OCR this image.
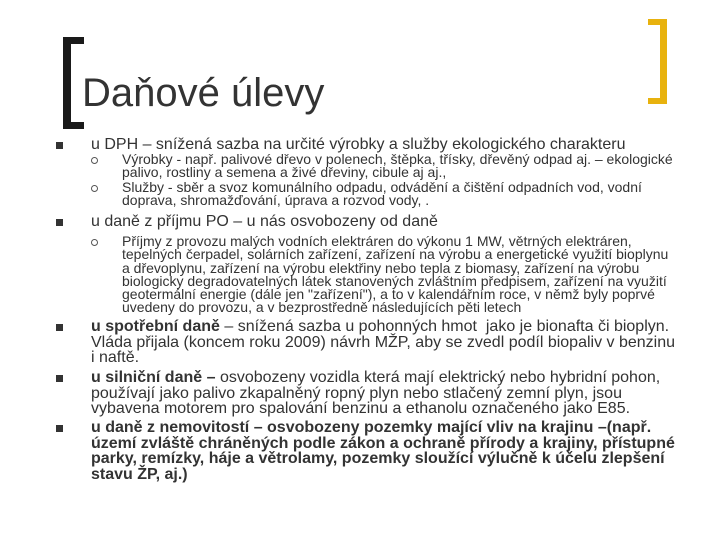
Daňové úlevy
u DPH – snížená sazba na určité výrobky a služby ekologického charakteru
Výrobky - např. palivové dřevo v polenech, štěpka, třísky, dřevěný odpad aj. – ekologické
palivo, rostliny a semena a živé dřeviny, cibule aj aj.,
Služby - sběr a svoz komunálního odpadu, odvádění a čištění odpadních vod, vodní
doprava, shromažďování, úprava a rozvod vody, .
u daně z příjmu PO – u nás osvobozeny od daně
Příjmy z provozu malých vodních elektráren do výkonu 1 MW, větrných elektráren,
tepelných čerpadel, solárních zařízení, zařízení na výrobu a energetické využití bioplynu
a dřevoplynu, zařízení na výrobu elektřiny nebo tepla z biomasy, zařízení na výrobu
biologicky degradovatelných látek stanovených zvláštním předpisem, zařízení na využití
geotermální energie (dále jen "zařízení"), a to v kalendářním roce, v němž byly poprvé
uvedeny do provozu, a v bezprostředně následujících pěti letech
u spotřební daně – snížená sazba u pohonných hmot  jako je bionafta či bioplyn.
Vláda přijala (koncem roku 2009) návrh MŽP, aby se zvedl podíl biopaliv v benzinu
i naftě.
u silniční daně – osvobozeny vozidla která mají elektrický nebo hybridní pohon,
používají jako palivo zkapalněný ropný plyn nebo stlačený zemní plyn, jsou
vybavena motorem pro spalování benzinu a ethanolu označeného jako E85.
u daně z nemovitostí – osvobozeny pozemky mající vliv na krajinu –(např.
území zvláště chráněných podle zákon a ochraně přírody a krajiny, přístupné
parky, remízky, háje a větrolamy, pozemky sloužící výlučně k účelu zlepšení
stavu ŽP, aj.)
